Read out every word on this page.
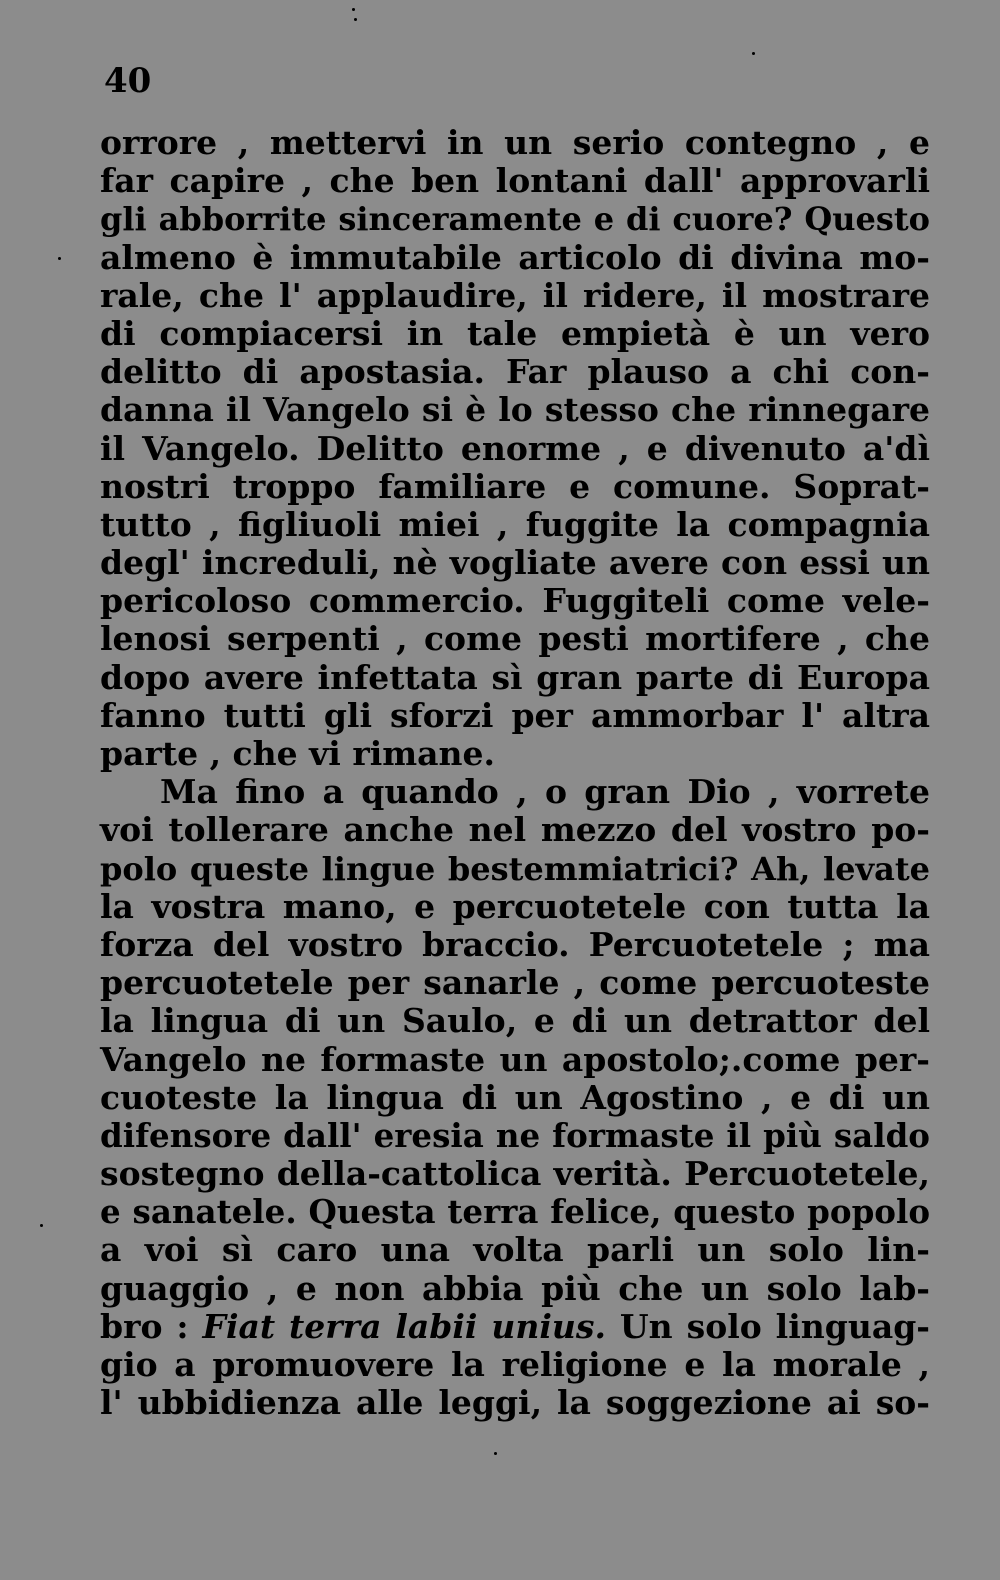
40
orrore , mettervi in un serio contegno , e
far capire , che ben lontani dall' approvarli
gli abborrite sinceramente e di cuore? Questo
almeno è immutabile articolo di divina mo-
rale, che l' applaudire, il ridere, il mostrare
di compiacersi in tale empietà è un vero
delitto di apostasia. Far plauso a chi con-
danna il Vangelo si è lo stesso che rinnegare
il Vangelo. Delitto enorme , e divenuto a'dì
nostri troppo familiare e comune. Soprat-
tutto , figliuoli miei , fuggite la compagnia
degl' increduli, nè vogliate avere con essi un
pericoloso commercio. Fuggiteli come vele-
lenosi serpenti , come pesti mortifere , che
dopo avere infettata sì gran parte di Europa
fanno tutti gli sforzi per ammorbar l' altra
parte , che vi rimane.
Ma fino a quando , o gran Dio , vorrete
voi tollerare anche nel mezzo del vostro po-
polo queste lingue bestemmiatrici? Ah, levate
la vostra mano, e percuotetele con tutta la
forza del vostro braccio. Percuotetele ; ma
percuotetele per sanarle , come percuoteste
la lingua di un Saulo, e di un detrattor del
Vangelo ne formaste un apostolo;.come per-
cuoteste la lingua di un Agostino , e di un
difensore dall' eresia ne formaste il più saldo
sostegno della-cattolica verità. Percuotetele,
e sanatele. Questa terra felice, questo popolo
a voi sì caro una volta parli un solo lin-
guaggio , e non abbia più che un solo lab-
bro : Fiat terra labii unius. Un solo linguag-
gio a promuovere la religione e la morale ,
l' ubbidienza alle leggi, la soggezione ai so-
